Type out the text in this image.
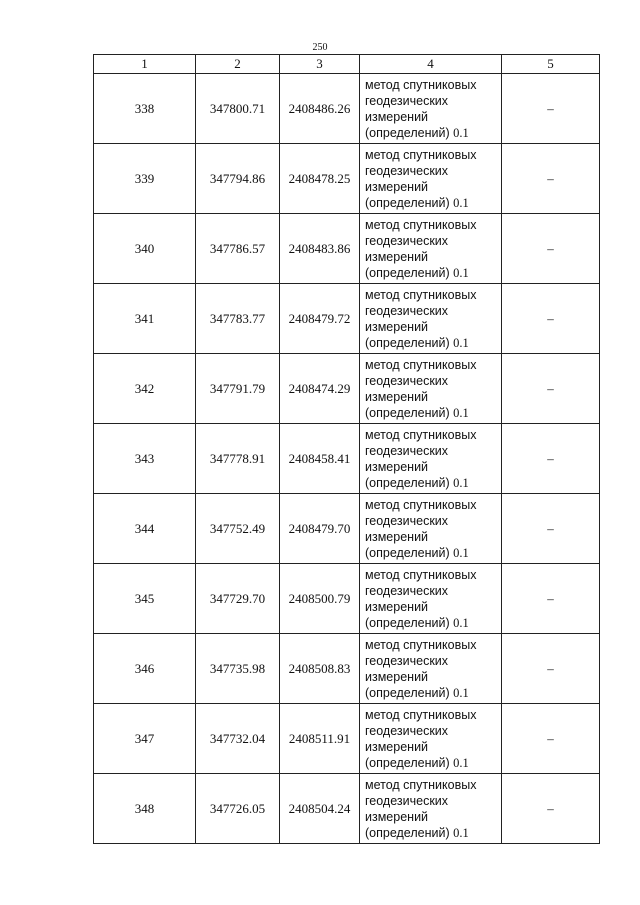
250
1	2	3	4	5
338	347800.71	2408486.26	метод спутниковых
геодезических
измерений
(определений) 0.1	–
339	347794.86	2408478.25	метод спутниковых
геодезических
измерений
(определений) 0.1	–
340	347786.57	2408483.86	метод спутниковых
геодезических
измерений
(определений) 0.1	–
341	347783.77	2408479.72	метод спутниковых
геодезических
измерений
(определений) 0.1	–
342	347791.79	2408474.29	метод спутниковых
геодезических
измерений
(определений) 0.1	–
343	347778.91	2408458.41	метод спутниковых
геодезических
измерений
(определений) 0.1	–
344	347752.49	2408479.70	метод спутниковых
геодезических
измерений
(определений) 0.1	–
345	347729.70	2408500.79	метод спутниковых
геодезических
измерений
(определений) 0.1	–
346	347735.98	2408508.83	метод спутниковых
геодезических
измерений
(определений) 0.1	–
347	347732.04	2408511.91	метод спутниковых
геодезических
измерений
(определений) 0.1	–
348	347726.05	2408504.24	метод спутниковых
геодезических
измерений
(определений) 0.1	–
